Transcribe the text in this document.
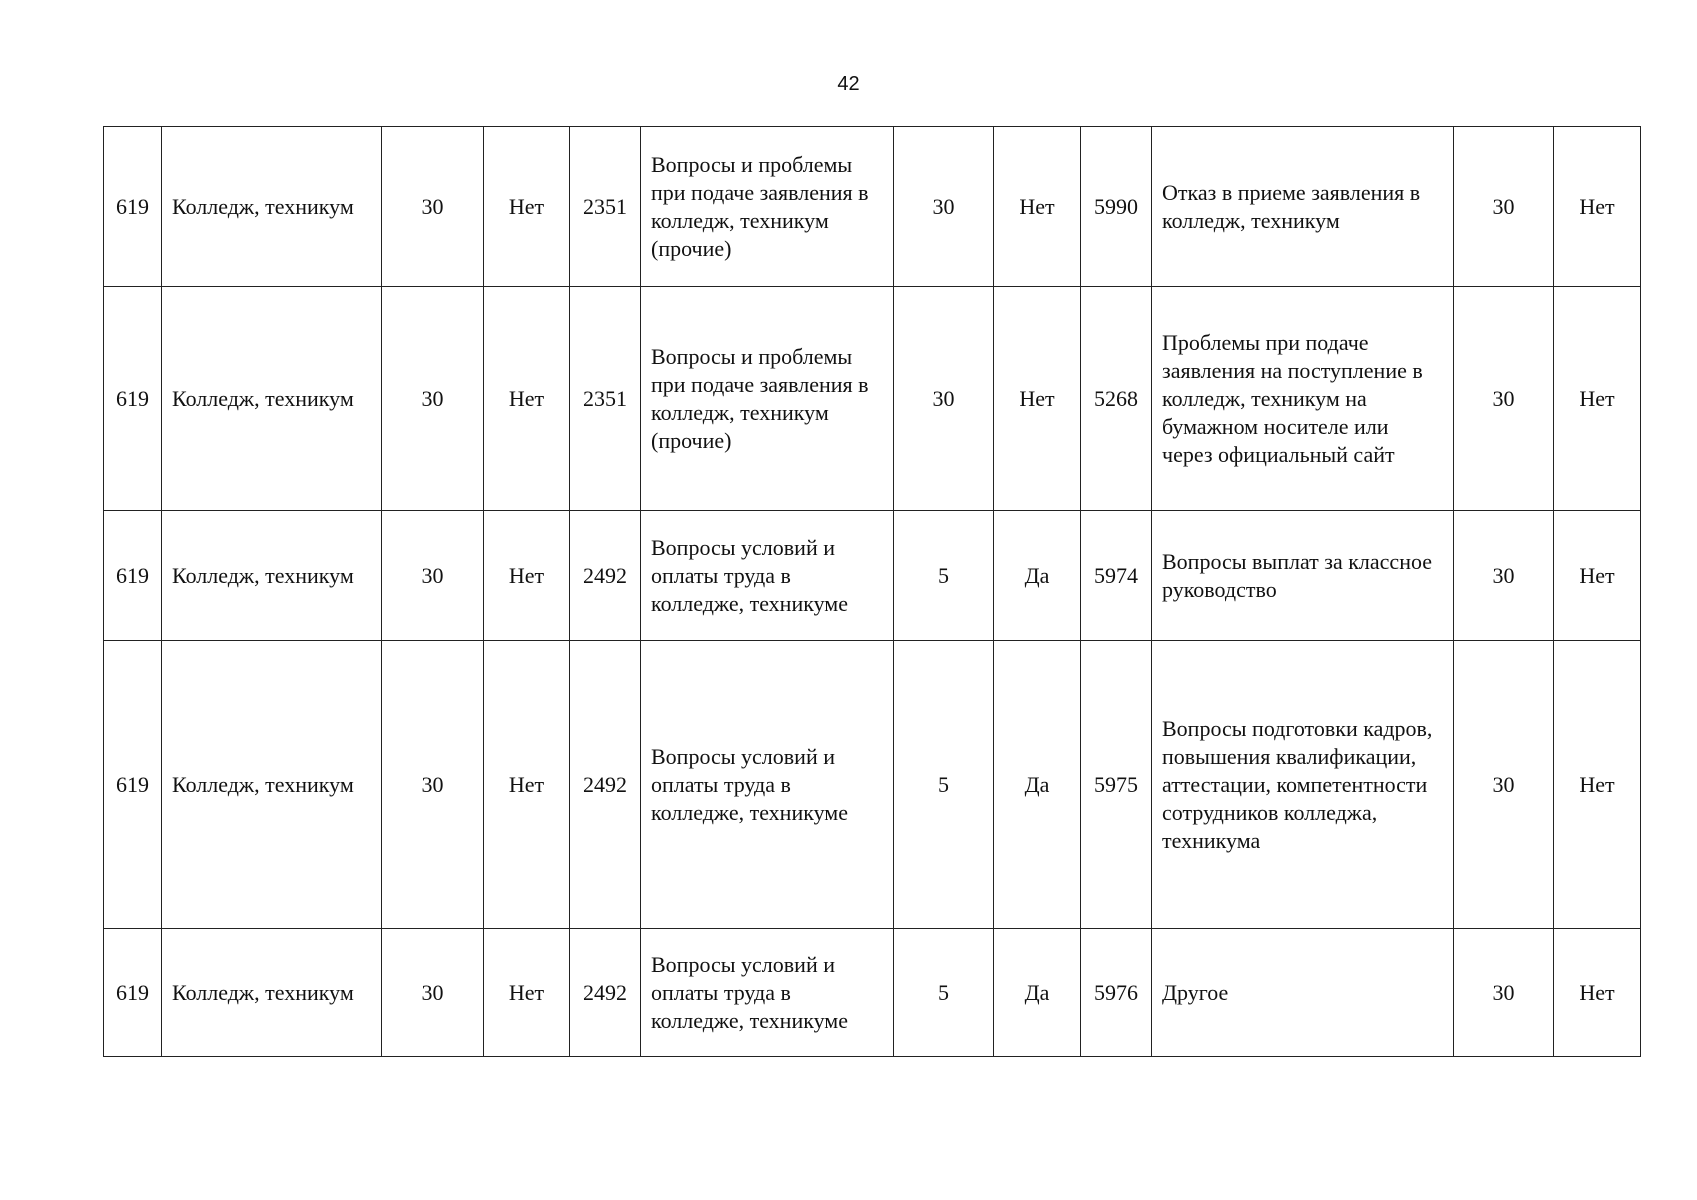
42
619	Колледж, техникум	30	Нет	2351	Вопросы и проблемы при подаче заявления в колледж, техникум (прочие)	30	Нет	5990	Отказ в приеме заявления в колледж, техникум	30	Нет
619	Колледж, техникум	30	Нет	2351	Вопросы и проблемы при подаче заявления в колледж, техникум (прочие)	30	Нет	5268	Проблемы при подаче заявления на поступление в колледж, техникум на бумажном носителе или через официальный сайт	30	Нет
619	Колледж, техникум	30	Нет	2492	Вопросы условий и оплаты труда в колледже, техникуме	5	Да	5974	Вопросы выплат за классное руководство	30	Нет
619	Колледж, техникум	30	Нет	2492	Вопросы условий и оплаты труда в колледже, техникуме	5	Да	5975	Вопросы подготовки кадров, повышения квалификации, аттестации, компетентности сотрудников колледжа, техникума	30	Нет
619	Колледж, техникум	30	Нет	2492	Вопросы условий и оплаты труда в колледже, техникуме	5	Да	5976	Другое	30	Нет
